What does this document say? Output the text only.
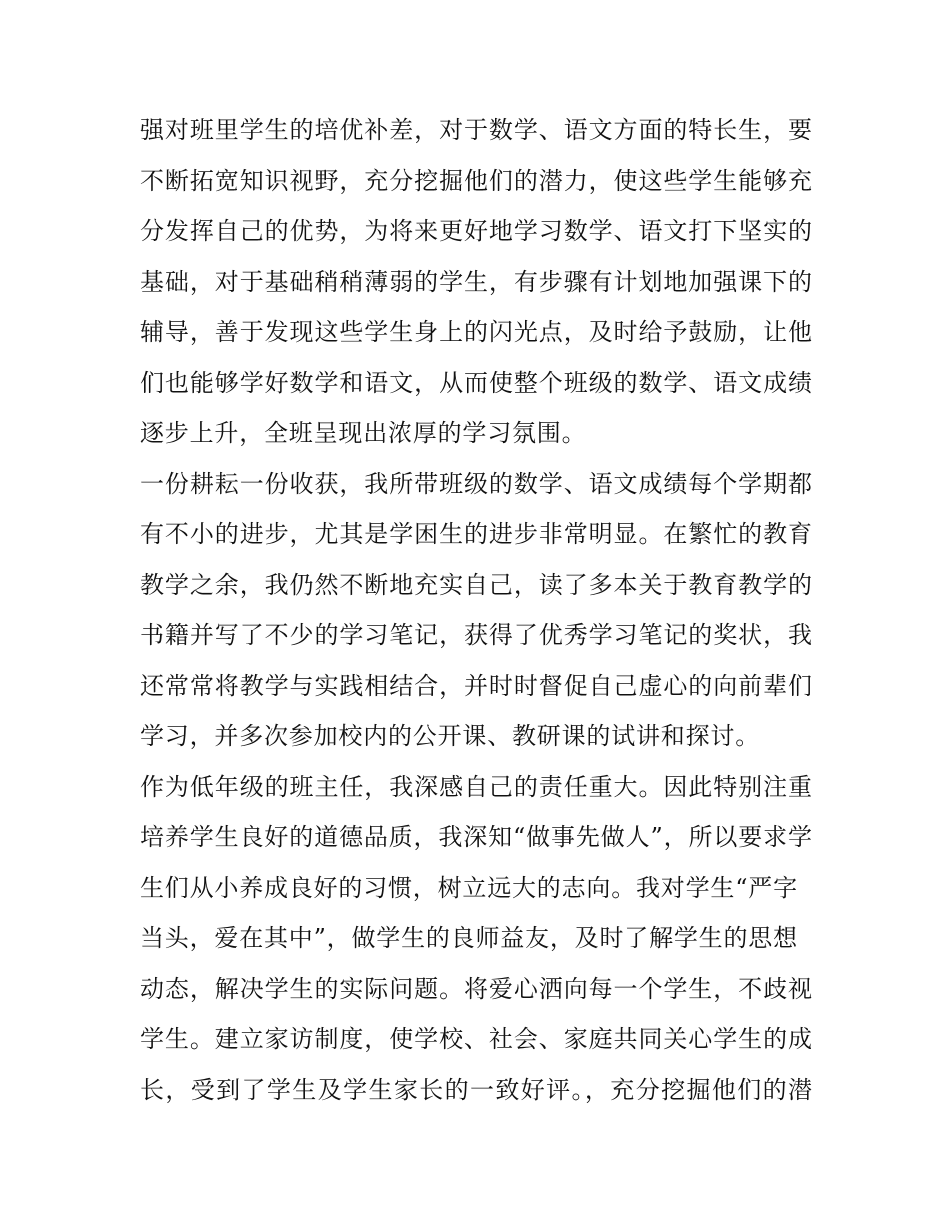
强对班里学生的培优补差，对于数学、语文方面的特长生，要
不断拓宽知识视野，充分挖掘他们的潜力，使这些学生能够充
分发挥自己的优势，为将来更好地学习数学、语文打下坚实的
基础，对于基础稍稍薄弱的学生，有步骤有计划地加强课下的
辅导，善于发现这些学生身上的闪光点，及时给予鼓励，让他
们也能够学好数学和语文，从而使整个班级的数学、语文成绩
逐步上升，全班呈现出浓厚的学习氛围。
一份耕耘一份收获，我所带班级的数学、语文成绩每个学期都
有不小的进步，尤其是学困生的进步非常明显。在繁忙的教育
教学之余，我仍然不断地充实自己，读了多本关于教育教学的
书籍并写了不少的学习笔记，获得了优秀学习笔记的奖状，我
还常常将教学与实践相结合，并时时督促自己虚心的向前辈们
学习，并多次参加校内的公开课、教研课的试讲和探讨。
作为低年级的班主任，我深感自己的责任重大。因此特别注重
培养学生良好的道德品质，我深知“做事先做人”，所以要求学
生们从小养成良好的习惯，树立远大的志向。我对学生“严字
当头，爱在其中”，做学生的良师益友，及时了解学生的思想
动态，解决学生的实际问题。将爱心洒向每一个学生，不歧视
学生。建立家访制度，使学校、社会、家庭共同关心学生的成
长，受到了学生及学生家长的一致好评。，充分挖掘他们的潜
